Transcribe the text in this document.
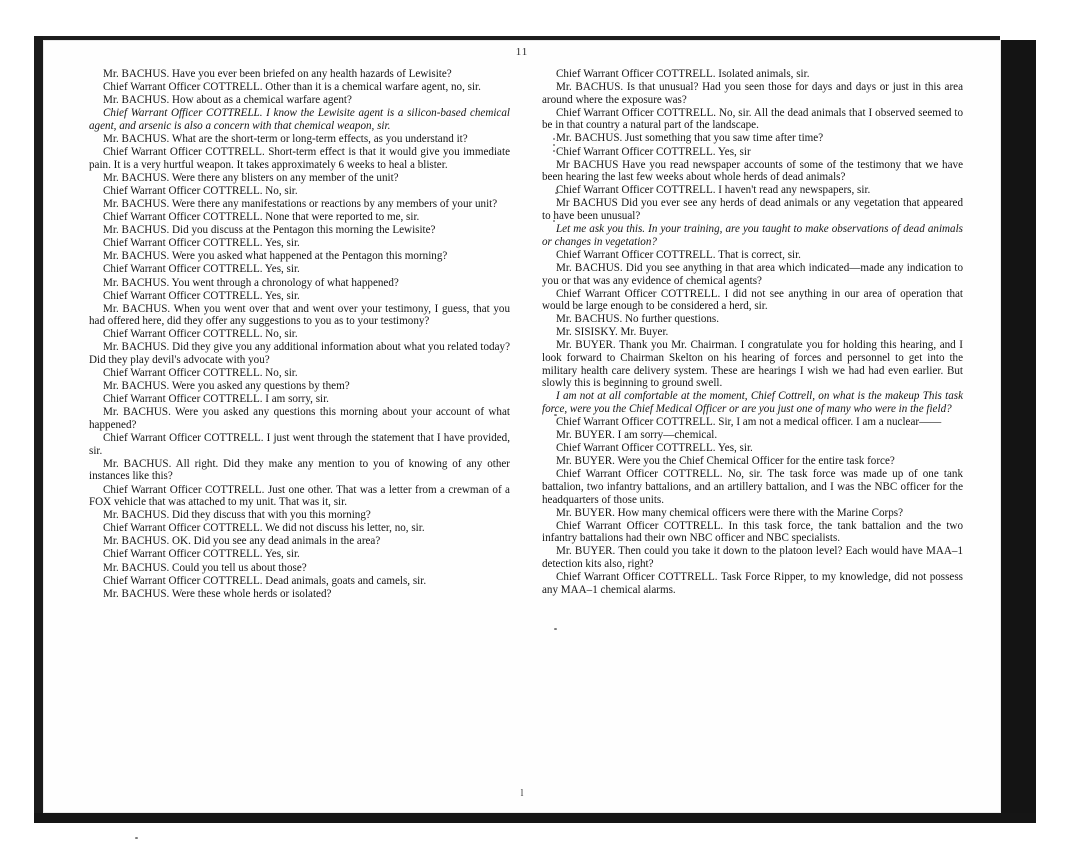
11

Mr. BACHUS. Have you ever been briefed on any health hazards of Lewisite?

Chief Warrant Officer COTTRELL. Other than it is a chemical warfare agent, no, sir.

Mr. BACHUS. How about as a chemical warfare agent?

Chief Warrant Officer COTTRELL. I know the Lewisite agent is a silicon-based chemical agent, and arsenic is also a concern with that chemical weapon, sir.

Mr. BACHUS. What are the short-term or long-term effects, as you understand it?

Chief Warrant Officer COTTRELL. Short-term effect is that it would give you immediate pain. It is a very hurtful weapon. It takes approximately 6 weeks to heal a blister.

Mr. BACHUS. Were there any blisters on any member of the unit?

Chief Warrant Officer COTTRELL. No, sir.

Mr. BACHUS. Were there any manifestations or reactions by any members of your unit?

Chief Warrant Officer COTTRELL. None that were reported to me, sir.

Mr. BACHUS. Did you discuss at the Pentagon this morning the Lewisite?

Chief Warrant Officer COTTRELL. Yes, sir.

Mr. BACHUS. Were you asked what happened at the Pentagon this morning?

Chief Warrant Officer COTTRELL. Yes, sir.

Mr. BACHUS. You went through a chronology of what happened?

Chief Warrant Officer COTTRELL. Yes, sir.

Mr. BACHUS. When you went over that and went over your testimony, I guess, that you had offered here, did they offer any suggestions to you as to your testimony?

Chief Warrant Officer COTTRELL. No, sir.

Mr. BACHUS. Did they give you any additional information about what you related today? Did they play devil's advocate with you?

Chief Warrant Officer COTTRELL. No, sir.

Mr. BACHUS. Were you asked any questions by them?

Chief Warrant Officer COTTRELL. I am sorry, sir.

Mr. BACHUS. Were you asked any questions this morning about your account of what happened?

Chief Warrant Officer COTTRELL. I just went through the statement that I have provided, sir.

Mr. BACHUS. All right. Did they make any mention to you of knowing of any other instances like this?

Chief Warrant Officer COTTRELL. Just one other. That was a letter from a crewman of a FOX vehicle that was attached to my unit. That was it, sir.

Mr. BACHUS. Did they discuss that with you this morning?

Chief Warrant Officer COTTRELL. We did not discuss his letter, no, sir.

Mr. BACHUS. OK. Did you see any dead animals in the area?

Chief Warrant Officer COTTRELL. Yes, sir.

Mr. BACHUS. Could you tell us about those?

Chief Warrant Officer COTTRELL. Dead animals, goats and camels, sir.

Mr. BACHUS. Were these whole herds or isolated?

Chief Warrant Officer COTTRELL. Isolated animals, sir.

Mr. BACHUS. Is that unusual? Had you seen those for days and days or just in this area around where the exposure was?

Chief Warrant Officer COTTRELL. No, sir. All the dead animals that I observed seemed to be in that country a natural part of the landscape.

Mr. BACHUS. Just something that you saw time after time?

Chief Warrant Officer COTTRELL. Yes, sir

Mr BACHUS Have you read newspaper accounts of some of the testimony that we have been hearing the last few weeks about whole herds of dead animals?

Chief Warrant Officer COTTRELL. I haven't read any newspapers, sir.

Mr BACHUS Did you ever see any herds of dead animals or any vegetation that appeared to have been unusual?

Let me ask you this. In your training, are you taught to make observations of dead animals or changes in vegetation?

Chief Warrant Officer COTTRELL. That is correct, sir.

Mr. BACHUS. Did you see anything in that area which indicated—made any indication to you or that was any evidence of chemical agents?

Chief Warrant Officer COTTRELL. I did not see anything in our area of operation that would be large enough to be considered a herd, sir.

Mr. BACHUS. No further questions.

Mr. SISISKY. Mr. Buyer.

Mr. BUYER. Thank you Mr. Chairman. I congratulate you for holding this hearing, and I look forward to Chairman Skelton on his hearing of forces and personnel to get into the military health care delivery system. These are hearings I wish we had had even earlier. But slowly this is beginning to ground swell.

I am not at all comfortable at the moment, Chief Cottrell, on what is the makeup This task force, were you the Chief Medical Officer or are you just one of many who were in the field?

Chief Warrant Officer COTTRELL. Sir, I am not a medical officer. I am a nuclear——

Mr. BUYER. I am sorry—chemical.

Chief Warrant Officer COTTRELL. Yes, sir.

Mr. BUYER. Were you the Chief Chemical Officer for the entire task force?

Chief Warrant Officer COTTRELL. No, sir. The task force was made up of one tank battalion, two infantry battalions, and an artillery battalion, and I was the NBC officer for the headquarters of those units.

Mr. BUYER. How many chemical officers were there with the Marine Corps?

Chief Warrant Officer COTTRELL. In this task force, the tank battalion and the two infantry battalions had their own NBC officer and NBC specialists.

Mr. BUYER. Then could you take it down to the platoon level? Each would have MAA–1 detection kits also, right?

Chief Warrant Officer COTTRELL. Task Force Ripper, to my knowledge, did not possess any MAA–1 chemical alarms.

l
